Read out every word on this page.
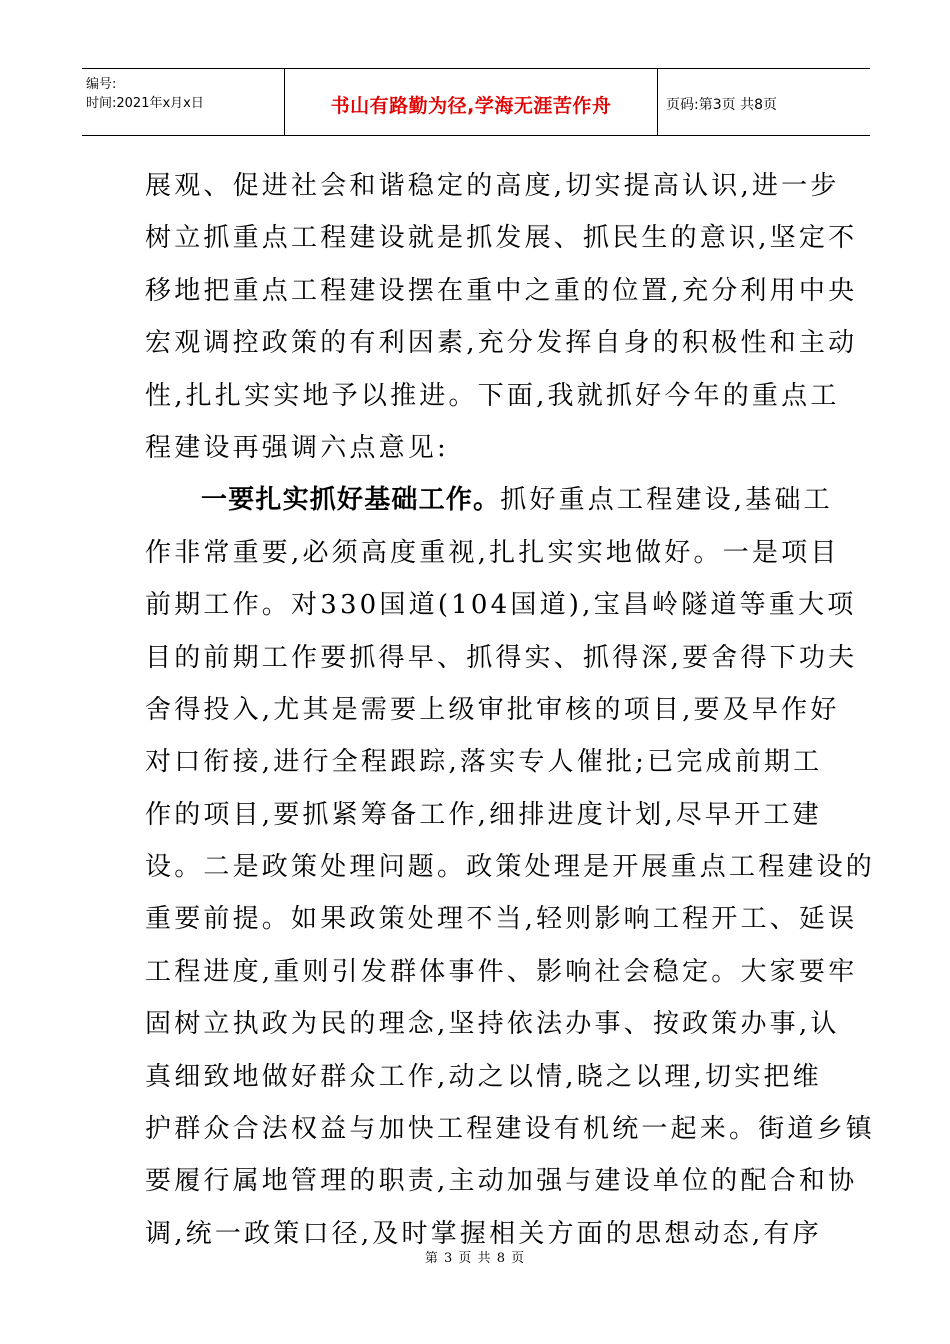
编号:
时间:2021年x月x日	书山有路勤为径,学海无涯苦作舟	页码:第3页 共8页
展观、促进社会和谐稳定的高度,切实提高认识,进一步
树立抓重点工程建设就是抓发展、抓民生的意识,坚定不
移地把重点工程建设摆在重中之重的位置,充分利用中央
宏观调控政策的有利因素,充分发挥自身的积极性和主动
性,扎扎实实地予以推进。下面,我就抓好今年的重点工
程建设再强调六点意见:
一要扎实抓好基础工作。抓好重点工程建设,基础工
作非常重要,必须高度重视,扎扎实实地做好。一是项目
前期工作。对330国道(104国道),宝昌岭隧道等重大项
目的前期工作要抓得早、抓得实、抓得深,要舍得下功夫
舍得投入,尤其是需要上级审批审核的项目,要及早作好
对口衔接,进行全程跟踪,落实专人催批;已完成前期工
作的项目,要抓紧筹备工作,细排进度计划,尽早开工建
设。二是政策处理问题。政策处理是开展重点工程建设的
重要前提。如果政策处理不当,轻则影响工程开工、延误
工程进度,重则引发群体事件、影响社会稳定。大家要牢
固树立执政为民的理念,坚持依法办事、按政策办事,认
真细致地做好群众工作,动之以情,晓之以理,切实把维
护群众合法权益与加快工程建设有机统一起来。街道乡镇
要履行属地管理的职责,主动加强与建设单位的配合和协
调,统一政策口径,及时掌握相关方面的思想动态,有序
第 3 页 共 8 页
